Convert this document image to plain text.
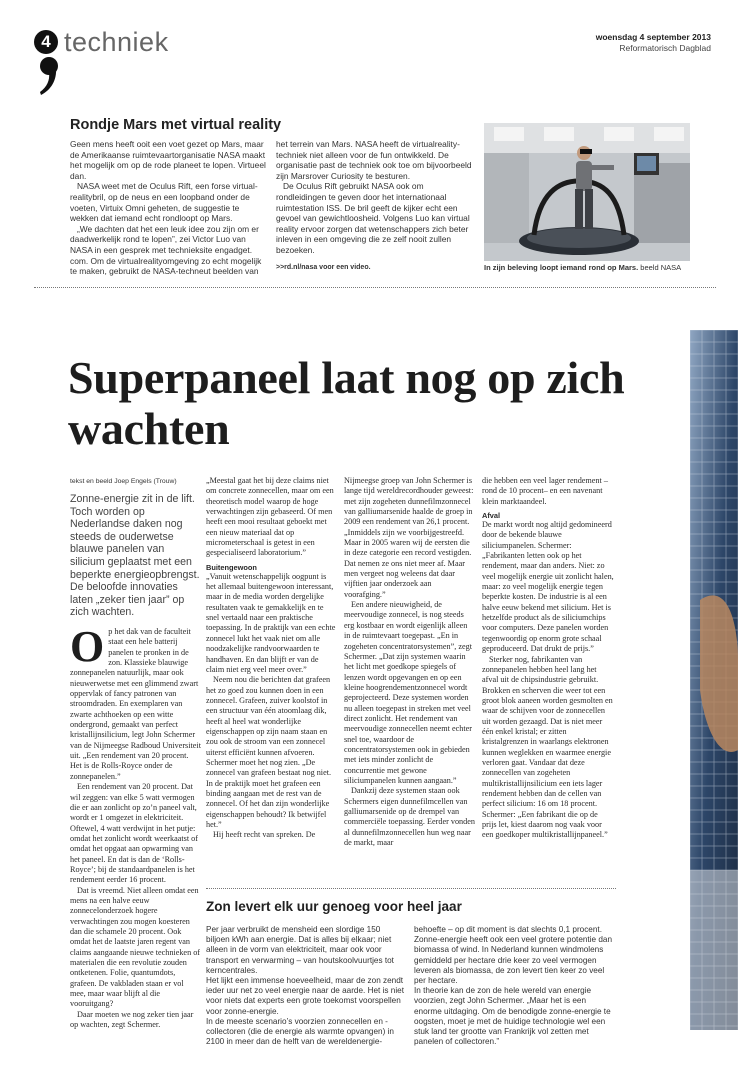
4 techniek	woensdag 4 september 2013
Reformatorisch Dagblad
Rondje Mars met virtual reality

Geen mens heeft ooit een voet gezet op Mars, maar de Amerikaanse ruimtevaartorganisatie NASA maakt het mogelijk om op de rode planeet te lopen. Virtueel dan.

NASA weet met de Oculus Rift, een forse virtual-realitybril, op de neus en een loopband onder de voeten, Virtuix Omni geheten, de suggestie te wekken dat iemand echt rondloopt op Mars.

„We dachten dat het een leuk idee zou zijn om er daadwerkelijk rond te lopen”, zei Victor Luo van NASA in een gesprek met technieksite engadget. com. Om de virtualrealityomgeving zo echt mogelijk te maken, gebruikt de NASA-techneut beelden van

het terrein van Mars. NASA heeft de virtualreality-techniek niet alleen voor de fun ontwikkeld. De organisatie past de techniek ook toe om bijvoorbeeld zijn Marsrover Curiosity te besturen.

De Oculus Rift gebruikt NASA ook om rondleidingen te geven door het internationaal ruimtestation ISS. De bril geeft de kijker echt een gevoel van gewichtloosheid. Volgens Luo kan virtual reality ervoor zorgen dat wetenschappers zich beter inleven in een omgeving die ze zelf nooit zullen bezoeken.

>>rd.nl/nasa voor een video.	In zijn beleving loopt iemand rond op Mars. beeld NASA
Superpaneel laat nog op zich wachten
tekst en beeld Joep Engels (Trouw)
Zonne-energie zit in de lift. Toch worden op Nederlandse daken nog steeds de ouderwetse blauwe panelen van silicium geplaatst met een beperkte energieopbrengst. De beloofde innovaties laten „zeker tien jaar” op zich wachten.

Op het dak van de faculteit staat een hele batterij panelen te pronken in de zon. Klassieke blauwige zonnepanelen natuurlijk, maar ook nieuwerwetse met een glimmend zwart oppervlak of fancy patronen van stroomdraden. En exemplaren van zwarte achthoeken op een witte ondergrond, gemaakt van perfect kristallijnsilicium, legt John Schermer van de Nijmeegse Radboud Universiteit uit. „Een rendement van 20 procent. Het is de Rolls-Royce onder de zonnepanelen.”

Een rendement van 20 procent. Dat wil zeggen: van elke 5 watt vermogen die er aan zonlicht op zo’n paneel valt, wordt er 1 omgezet in elektriciteit. Oftewel, 4 watt verdwijnt in het putje: omdat het zonlicht wordt weerkaatst of omdat het opgaat aan opwarming van het paneel. En dat is dan de ‘Rolls-Royce’; bij de standaardpanelen is het rendement eerder 16 procent.

Dat is vreemd. Niet alleen omdat een mens na een halve eeuw zonnecelonderzoek hogere verwachtingen zou mogen koesteren dan die schamele 20 procent. Ook omdat het de laatste jaren regent van claims aangaande nieuwe technieken of materialen die een revolutie zouden ontketenen. Folie, quantumdots, grafeen. De vakbladen staan er vol mee, maar waar blijft al die vooruitgang?

Daar moeten we nog zeker tien jaar op wachten, zegt Schermer.

„Meestal gaat het bij deze claims niet om concrete zonnecellen, maar om een theoretisch model waarop de hoge verwachtingen zijn gebaseerd. Of men heeft een mooi resultaat geboekt met een nieuw materiaal dat op micrometerschaal is getest in een gespecialiseerd laboratorium.”

Buitengewoon

„Vanuit wetenschappelijk oogpunt is het allemaal buitengewoon interessant, maar in de media worden dergelijke resultaten vaak te gemakkelijk en te snel vertaald naar een praktische toepassing. In de praktijk van een echte zonnecel lukt het vaak niet om alle noodzakelijke randvoorwaarden te handhaven. En dan blijft er van de claim niet erg veel meer over.”

Neem nou die berichten dat grafeen het zo goed zou kunnen doen in een zonnecel. Grafeen, zuiver koolstof in een structuur van één atoomlaag dik, heeft al heel wat wonderlijke eigenschappen op zijn naam staan en zou ook de stroom van een zonnecel uiterst efficiënt kunnen afvoeren. Schermer moet het nog zien. „De zonnecel van grafeen bestaat nog niet. In de praktijk moet het grafeen een binding aangaan met de rest van de zonnecel. Of het dan zijn wonderlijke eigenschappen behoudt? Ik betwijfel het.”

Hij heeft recht van spreken. De

Nijmeegse groep van John Schermer is lange tijd wereldrecordhouder geweest: met zijn zogeheten dunnefilmzonnecel van galliumarsenide haalde de groep in 2009 een rendement van 26,1 procent. „Inmiddels zijn we voorbijgestreefd. Maar in 2005 waren wij de eersten die in deze categorie een record vestigden. Dat nemen ze ons niet meer af. Maar men vergeet nog weleens dat daar vijftien jaar onderzoek aan voorafging.”

Een andere nieuwigheid, de meervoudige zonnecel, is nog steeds erg kostbaar en wordt eigenlijk alleen in de ruimtevaart toegepast. „En in zogeheten concentratorsystemen”, zegt Schermer. „Dat zijn systemen waarin het licht met goedkope spiegels of lenzen wordt opgevangen en op een kleine hoogrendementzonnecel wordt geprojecteerd. Deze systemen worden nu alleen toegepast in streken met veel direct zonlicht. Het rendement van meervoudige zonnecellen neemt echter snel toe, waardoor de concentratorsystemen ook in gebieden met iets minder zonlicht de concurrentie met gewone siliciumpanelen kunnen aangaan.”

Dankzij deze systemen staan ook Schermers eigen dunnefilmcellen van galliumarsenide op de drempel van commerciële toepassing. Eerder vonden al dunnefilmzonnecellen hun weg naar de markt, maar

die hebben een veel lager rendement –rond de 10 procent– en een navenant klein marktaandeel.

Afval

De markt wordt nog altijd gedomineerd door de bekende blauwe siliciumpanelen. Schermer: „Fabrikanten letten ook op het rendement, maar dan anders. Niet: zo veel mogelijk energie uit zonlicht halen, maar: zo veel mogelijk energie tegen beperkte kosten. De industrie is al een halve eeuw bekend met silicium. Het is hetzelfde product als de siliciumchips voor computers. Deze panelen worden tegenwoordig op enorm grote schaal geproduceerd. Dat drukt de prijs.”

Sterker nog, fabrikanten van zonnepanelen hebben heel lang het afval uit de chipsindustrie gebruikt. Brokken en scherven die weer tot een groot blok aaneen worden gesmolten en waar de schijven voor de zonnecellen uit worden gezaagd. Dat is niet meer één enkel kristal; er zitten kristalgrenzen in waarlangs elektronen kunnen weglekken en waarmee energie verloren gaat. Vandaar dat deze zonnecellen van zogeheten multikristallijnsilicium een iets lager rendement hebben dan de cellen van perfect silicium: 16 om 18 procent. Schermer: „Een fabrikant die op de prijs let, kiest daarom nog vaak voor een goedkoper multikristallijnpaneel.”

Zon levert elk uur genoeg voor heel jaar

Per jaar verbruikt de mensheid een slordige 150 biljoen kWh aan energie. Dat is alles bij elkaar; niet alleen in de vorm van elektriciteit, maar ook voor transport en verwarming – van houtskoolvuurtjes tot kerncentrales.

Het lijkt een immense hoeveelheid, maar de zon zendt ieder uur net zo veel energie naar de aarde. Het is niet voor niets dat experts een grote toekomst voorspellen voor zonne-energie.

In de meeste scenario’s voorzien zonnecellen en -collectoren (die de energie als warmte opvangen) in 2100 in meer dan de helft van de wereldenergie-

behoefte – op dit moment is dat slechts 0,1 procent. Zonne-energie heeft ook een veel grotere potentie dan biomassa of wind. In Nederland kunnen windmolens gemiddeld per hectare drie keer zo veel vermogen leveren als biomassa, de zon levert tien keer zo veel per hectare.

In theorie kan de zon de hele wereld van energie voorzien, zegt John Schermer. „Maar het is een enorme uitdaging. Om de benodigde zonne-energie te oogsten, moet je met de huidige technologie wel een stuk land ter grootte van Frankrijk vol zetten met panelen of collectoren.”
